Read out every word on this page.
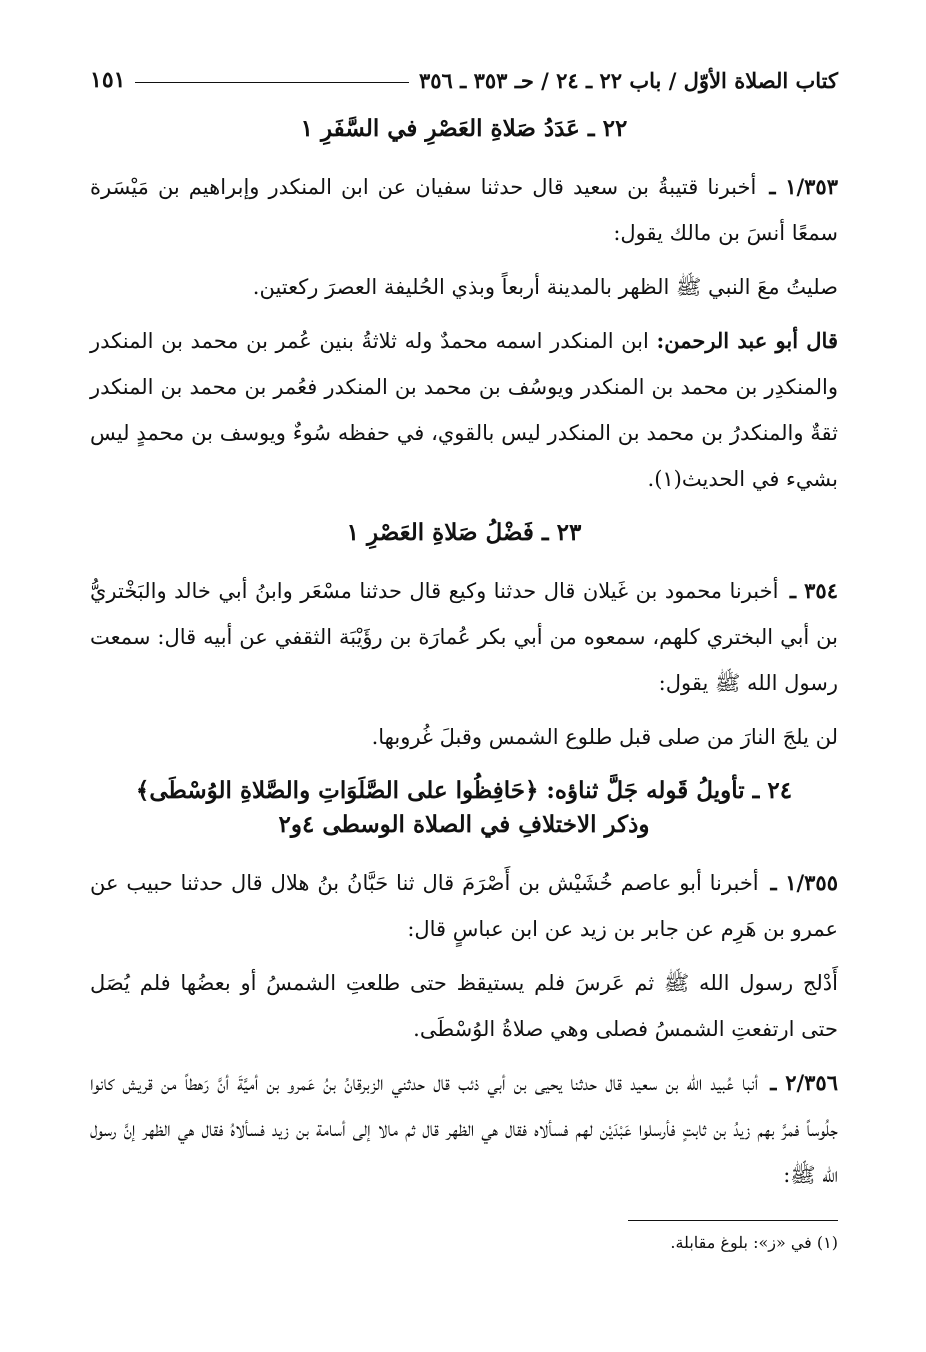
كتاب الصلاة الأوّل / باب ٢٢ ـ ٢٤ / حـ ٣٥٣ ـ ٣٥٦
١٥١
٢٢ ـ عَدَدُ صَلاةِ العَصْرِ في السَّفَرِ ١

١/٣٥٣ ـ أخبرنا قتيبةُ بن سعيد قال حدثنا سفيان عن ابن المنكدر وإبراهيم بن مَيْسَرة سمعًا أنسَ بن مالك يقول:

صليتُ معَ النبي ﷺ الظهر بالمدينة أربعاً وبذي الحُليفة العصرَ ركعتين.

قال أبو عبد الرحمن: ابن المنكدر اسمه محمدٌ وله ثلاثةُ بنين عُمر بن محمد بن المنكدر والمنكدِر بن محمد بن المنكدر ويوسُف بن محمد بن المنكدر فعُمر بن محمد بن المنكدر ثقةٌ والمنكدرُ بن محمد بن المنكدر ليس بالقوي، في حفظه سُوءٌ ويوسف بن محمدٍ ليس بشيء في الحديث(١).

٢٣ ـ فَضْلُ صَلاةِ العَصْرِ ١

٣٥٤ ـ أخبرنا محمود بن غَيلان قال حدثنا وكيع قال حدثنا مسْعَر وابنُ أبي خالد والبَخْتريُّ بن أبي البختري كلهم، سمعوه من أبي بكر عُمارَة بن رؤَيْبَة الثقفي عن أبيه قال: سمعت رسول الله ﷺ يقول:

لن يلجَ النارَ من صلى قبل طلوع الشمس وقبلَ غُروبها.

٢٤ ـ تأويلُ قَوله جَلَّ ثناؤه: ﴿حَافِظُوا على الصَّلَوَاتِ والصَّلاةِ الوُسْطَى﴾
وذكر الاختلافِ في الصلاة الوسطى ٤و٢

١/٣٥٥ ـ أخبرنا أبو عاصم خُشَيْش بن أَصْرَمَ قال ثنا حَبَّانُ بنُ هلال قال حدثنا حبيب عن عمرو بن هَرِم عن جابر بن زيد عن ابن عباسٍ قال:

أَدْلج رسول الله ﷺ ثم عَرسَ فلم يستيقظ حتى طلعتِ الشمسُ أو بعضُها فلم يُصَل حتى ارتفعتِ الشمسُ فصلى وهي صلاةُ الوُسْطَى.

٢/٣٥٦ ـ أنبا عُبيد الله بن سعيد قال حدثنا يحيى بن أبي ذئب قال حدثني الزبرقانُ بنُ عَمرو بن أميَّةَ أنَّ رَهطاً من قريش كانوا جلُوساً فمرَّ بهم زيدُ بن ثابتٍ فأرسلوا عَبْدَيْن لهم فسألاه فقال هي الظهر قال ثم مالا إلى أسامة بن زيد فسألاهُ فقال هي الظهر إنَّ رسول الله ﷺ:

(١) في «ز»: بلوغ مقابلة.
